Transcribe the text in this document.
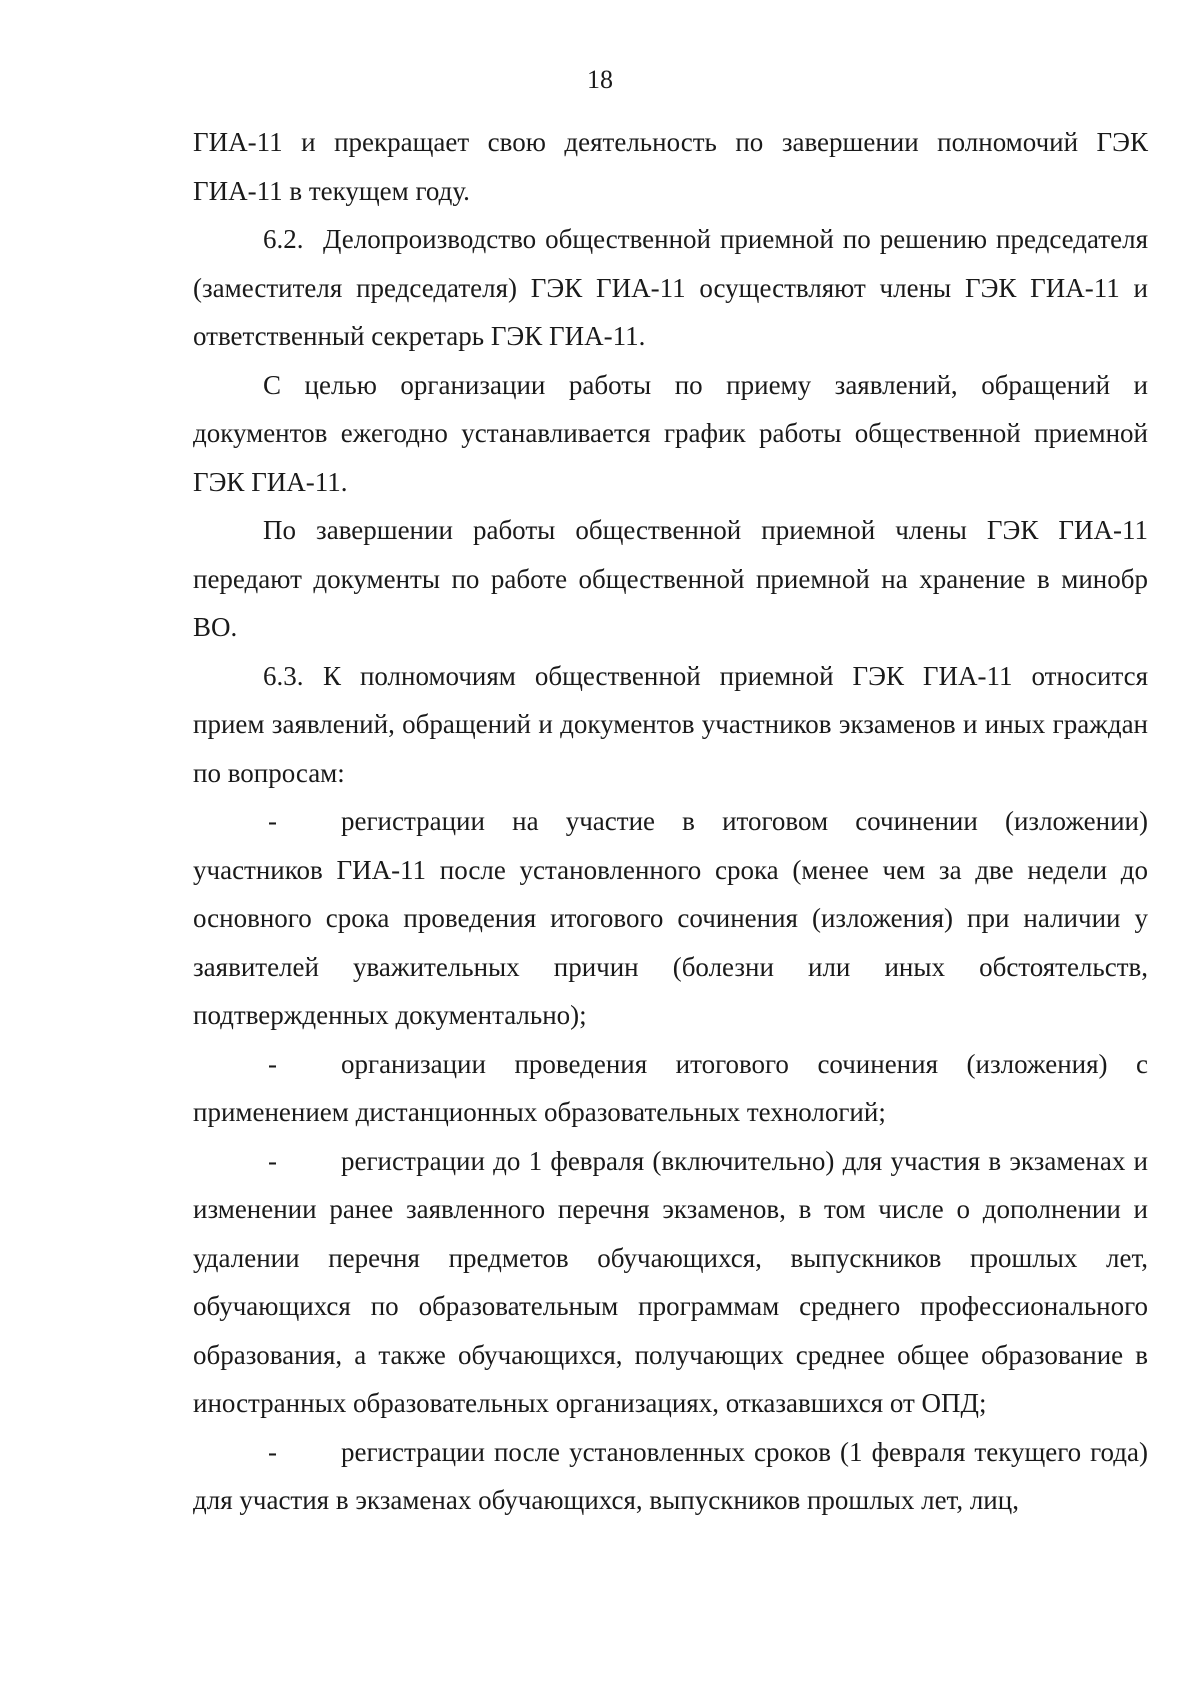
18

ГИА-11 и прекращает свою деятельность по завершении полномочий ГЭК ГИА-11 в текущем году.

6.2. Делопроизводство общественной приемной по решению председателя (заместителя председателя) ГЭК ГИА-11 осуществляют члены ГЭК ГИА-11 и ответственный секретарь ГЭК ГИА-11.

С целью организации работы по приему заявлений, обращений и документов ежегодно устанавливается график работы общественной приемной ГЭК ГИА-11.

По завершении работы общественной приемной члены ГЭК ГИА-11 передают документы по работе общественной приемной на хранение в минобр ВО.

6.3. К полномочиям общественной приемной ГЭК ГИА-11 относится прием заявлений, обращений и документов участников экзаменов и иных граждан по вопросам:

- регистрации на участие в итоговом сочинении (изложении) участников ГИА-11 после установленного срока (менее чем за две недели до основного срока проведения итогового сочинения (изложения) при наличии у заявителей уважительных причин (болезни или иных обстоятельств, подтвержденных документально);

- организации проведения итогового сочинения (изложения) с применением дистанционных образовательных технологий;

- регистрации до 1 февраля (включительно) для участия в экзаменах и изменении ранее заявленного перечня экзаменов, в том числе о дополнении и удалении перечня предметов обучающихся, выпускников прошлых лет, обучающихся по образовательным программам среднего профессионального образования, а также обучающихся, получающих среднее общее образование в иностранных образовательных организациях, отказавшихся от ОПД;

- регистрации после установленных сроков (1 февраля текущего года) для участия в экзаменах обучающихся, выпускников прошлых лет, лиц,
